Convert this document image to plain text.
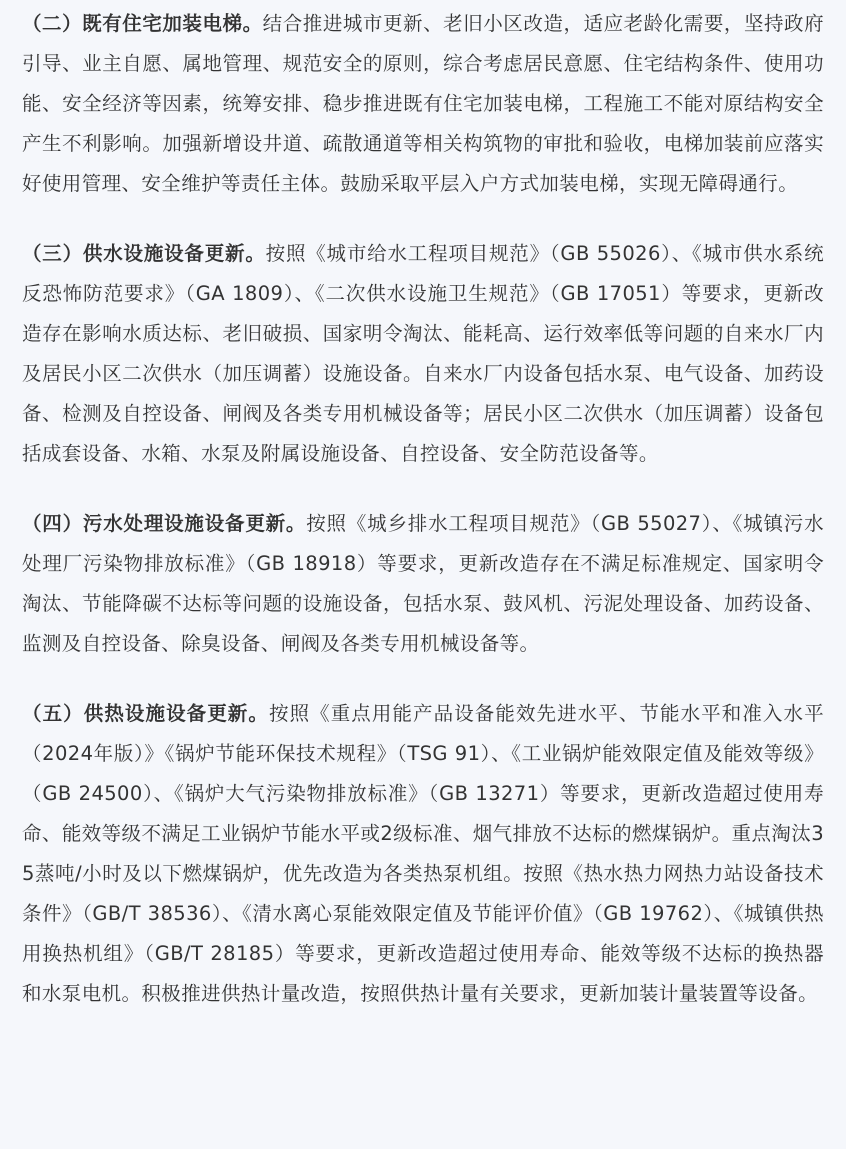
（二）既有住宅加装电梯。结合推进城市更新、老旧小区改造，适应老龄化需要，坚持政府引导、业主自愿、属地管理、规范安全的原则，综合考虑居民意愿、住宅结构条件、使用功能、安全经济等因素，统筹安排、稳步推进既有住宅加装电梯，工程施工不能对原结构安全产生不利影响。加强新增设井道、疏散通道等相关构筑物的审批和验收，电梯加装前应落实好使用管理、安全维护等责任主体。鼓励采取平层入户方式加装电梯，实现无障碍通行。

（三）供水设施设备更新。按照《城市给水工程项目规范》（GB 55026）、《城市供水系统反恐怖防范要求》（GA 1809）、《二次供水设施卫生规范》（GB 17051）等要求，更新改造存在影响水质达标、老旧破损、国家明令淘汰、能耗高、运行效率低等问题的自来水厂内及居民小区二次供水（加压调蓄）设施设备。自来水厂内设备包括水泵、电气设备、加药设备、检测及自控设备、闸阀及各类专用机械设备等；居民小区二次供水（加压调蓄）设备包括成套设备、水箱、水泵及附属设施设备、自控设备、安全防范设备等。

（四）污水处理设施设备更新。按照《城乡排水工程项目规范》（GB 55027）、《城镇污水处理厂污染物排放标准》（GB 18918）等要求，更新改造存在不满足标准规定、国家明令淘汰、节能降碳不达标等问题的设施设备，包括水泵、鼓风机、污泥处理设备、加药设备、监测及自控设备、除臭设备、闸阀及各类专用机械设备等。

（五）供热设施设备更新。按照《重点用能产品设备能效先进水平、节能水平和准入水平（2024年版）》《锅炉节能环保技术规程》（TSG 91）、《工业锅炉能效限定值及能效等级》（GB 24500）、《锅炉大气污染物排放标准》（GB 13271）等要求，更新改造超过使用寿命、能效等级不满足工业锅炉节能水平或2级标准、烟气排放不达标的燃煤锅炉。重点淘汰35蒸吨/小时及以下燃煤锅炉，优先改造为各类热泵机组。按照《热水热力网热力站设备技术条件》（GB/T 38536）、《清水离心泵能效限定值及节能评价值》（GB 19762）、《城镇供热用换热机组》（GB/T 28185）等要求，更新改造超过使用寿命、能效等级不达标的换热器和水泵电机。积极推进供热计量改造，按照供热计量有关要求，更新加装计量装置等设备。
